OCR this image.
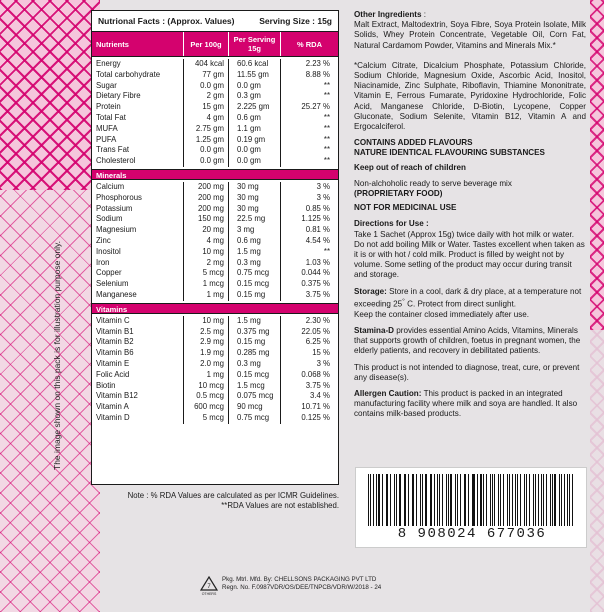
The image shown on this pack is for illustration purpose only.
Nutrional Facts : (Approx. Values)	Serving Size : 15g
Nutrients	Per 100g	Per Serving 15g	% RDA
Energy	404 kcal	60.6 kcal	2.23 %
Total carbohydrate	77 gm	11.55 gm	8.88 %
Sugar	0.0 gm	0.0 gm	**
Dietary Fibre	2 gm	0.3 gm	**
Protein	15 gm	2.225 gm	25.27 %
Total Fat	4 gm	0.6 gm	**
MUFA	2.75 gm	1.1 gm	**
PUFA	1.25 gm	0.19 gm	**
Trans Fat	0.0 gm	0.0 gm	**
Cholesterol	0.0 gm	0.0 gm	**
Minerals
Calcium	200 mg	30 mg	3 %
Phosphorous	200 mg	30 mg	3 %
Potassium	200 mg	30 mg	0.85 %
Sodium	150 mg	22.5 mg	1.125 %
Magnesium	20 mg	3 mg	0.81 %
Zinc	4 mg	0.6 mg	4.54 %
Inositol	10 mg	1.5 mg	**
Iron	2 mg	0.3 mg	1.03 %
Copper	5 mcg	0.75 mcg	0.044 %
Selenium	1 mcg	0.15 mcg	0.375 %
Manganese	1 mg	0.15 mg	3.75 %
Vitamins
Vitamin C	10 mg	1.5 mg	2.30 %
Vitamin B1	2.5 mg	0.375 mg	22.05 %
Vitamin B2	2.9 mg	0.15 mg	6.25 %
Vitamin B6	1.9 mg	0.285 mg	15 %
Vitamin E	2.0 mg	0.3 mg	3 %
Folic Acid	1 mg	0.15 mcg	0.068 %
Biotin	10 mcg	1.5 mcg	3.75 %
Vitamin B12	0.5 mcg	0.075 mcg	3.4 %
Vitamin A	600 mcg	90 mcg	10.71 %
Vitamin D	5 mcg	0.75 mcg	0.125 %
Note : % RDA Values are calculated as per ICMR Guidelines.
**RDA Values are not established.

Other Ingredients :
Malt Extract, Maltodextrin, Soya Fibre, Soya Protein Isolate, Milk Solids, Whey Protein Concentrate, Vegetable Oil, Corn Fat, Natural Cardamom Powder, Vitamins and Minerals Mix.*

*Calcium Citrate, Dicalcium Phosphate, Potassium Chloride, Sodium Chloride, Magnesium Oxide, Ascorbic Acid, Inositol, Niacinamide, Zinc Sulphate, Riboflavin, Thiamine Mononitrate, Vitamin E, Ferrous Fumarate, Pyridoxine Hydrochloride, Folic Acid, Manganese Chloride, D-Biotin, Lycopene, Copper Gluconate, Sodium Selenite, Vitamin B12, Vitamin A and Ergocalciferol.

CONTAINS ADDED FLAVOURS
NATURE IDENTICAL FLAVOURING SUBSTANCES

Keep out of reach of children

Non-alchoholic ready to serve beverage mix
(PROPRIETARY FOOD)

NOT FOR MEDICINAL USE

Directions for Use :
Take 1 Sachet (Approx 15g) twice daily with hot milk or water. Do not add boiling Milk or Water. Tastes excellent when taken as it is or with hot / cold milk. Product is filled by weight not by volume. Some setling of the product may occur during transit and storage.

Storage: Store in a cool, dark & dry place, at a temperature not exceeding 25° C. Protect from direct sunlight.
Keep the container closed immediately after use.

Stamina-D provides essential Amino Acids, Vitamins, Minerals that supports growth of children, foetus in pregnant women, the elderly patients, and recovery in debilitated patients.

This product is not intended to diagnose, treat, cure, or prevent any disease(s).

Allergen Caution: This product is packed in an integrated manufacturing facility where milk and soya are handled. It also contains milk-based products.

8 908024 677036
7
OTHERS
Pkg. Mtrl. Mfd. By: CHELLSONS PACKAGING PVT LTD
Regn. No. F.0987VDR/OS/DEE/TNPCB/VDR/W/2018 - 24
